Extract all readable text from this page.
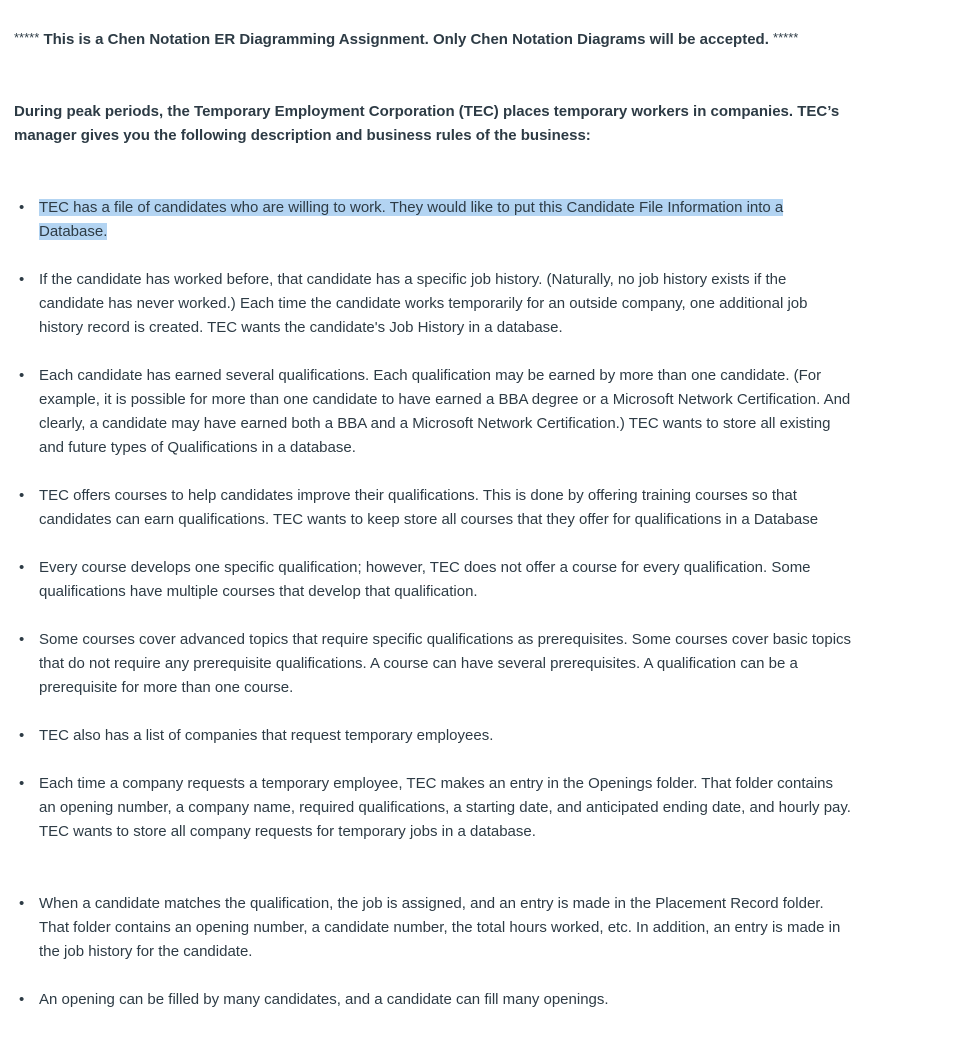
***** This is a Chen Notation ER Diagramming Assignment. Only Chen Notation Diagrams will be accepted. *****

During peak periods, the Temporary Employment Corporation (TEC) places temporary workers in companies. TEC’s manager gives you the following description and business rules of the business:

• TEC has a file of candidates who are willing to work. They would like to put this Candidate File Information into a Database.
• If the candidate has worked before, that candidate has a specific job history. (Naturally, no job history exists if the candidate has never worked.) Each time the candidate works temporarily for an outside company, one additional job history record is created. TEC wants the candidate's Job History in a database.
• Each candidate has earned several qualifications. Each qualification may be earned by more than one candidate. (For example, it is possible for more than one candidate to have earned a BBA degree or a Microsoft Network Certification. And clearly, a candidate may have earned both a BBA and a Microsoft Network Certification.) TEC wants to store all existing and future types of Qualifications in a database.
• TEC offers courses to help candidates improve their qualifications. This is done by offering training courses so that candidates can earn qualifications. TEC wants to keep store all courses that they offer for qualifications in a Database
• Every course develops one specific qualification; however, TEC does not offer a course for every qualification. Some qualifications have multiple courses that develop that qualification.
• Some courses cover advanced topics that require specific qualifications as prerequisites. Some courses cover basic topics that do not require any prerequisite qualifications. A course can have several prerequisites. A qualification can be a prerequisite for more than one course.
• TEC also has a list of companies that request temporary employees.
• Each time a company requests a temporary employee, TEC makes an entry in the Openings folder. That folder contains an opening number, a company name, required qualifications, a starting date, and anticipated ending date, and hourly pay. TEC wants to store all company requests for temporary jobs in a database.
• When a candidate matches the qualification, the job is assigned, and an entry is made in the Placement Record folder. That folder contains an opening number, a candidate number, the total hours worked, etc. In addition, an entry is made in the job history for the candidate.
• An opening can be filled by many candidates, and a candidate can fill many openings.
